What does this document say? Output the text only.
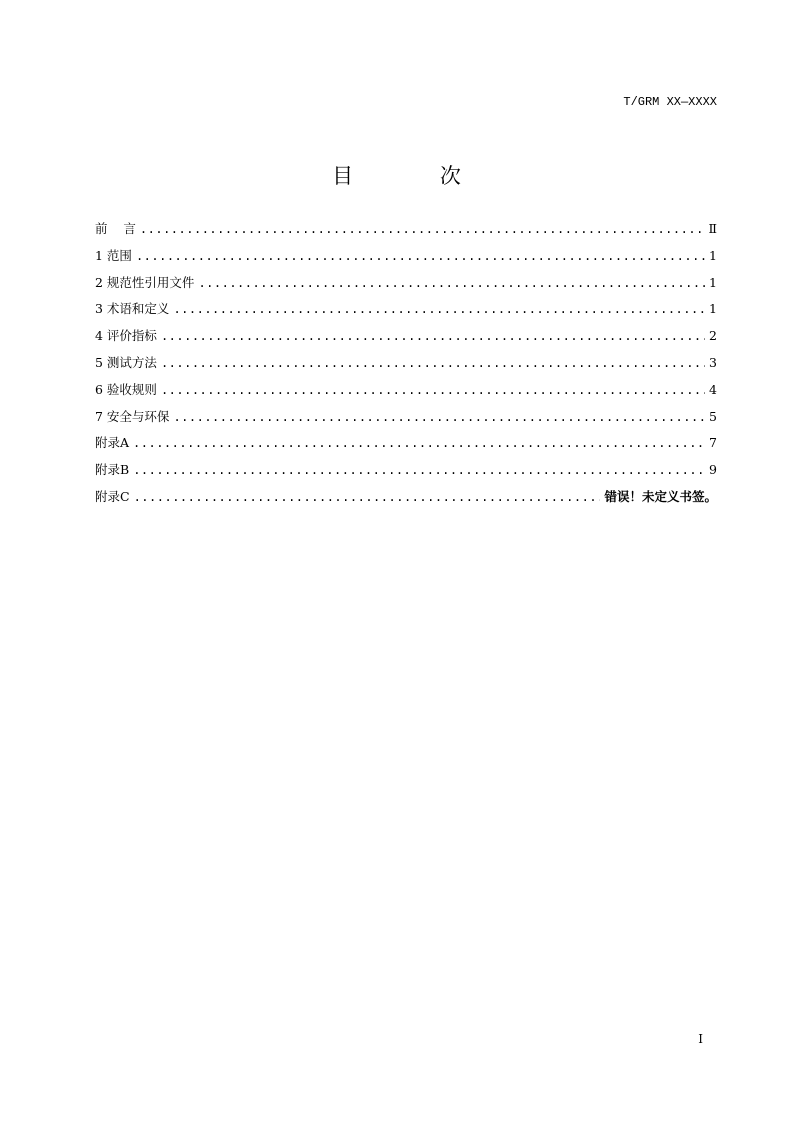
T/GRM XX—XXXX
目 次
前    言 .....	Ⅱ
1 范围 .....	1
2 规范性引用文件 .....	1
3 术语和定义 .....	1
4 评价指标 .....	2
5 测试方法 .....	3
6 验收规则 .....	4
7 安全与环保 .....	5
附录A .....	7
附录B .....	9
附录C .....	错误！未定义书签。
I
